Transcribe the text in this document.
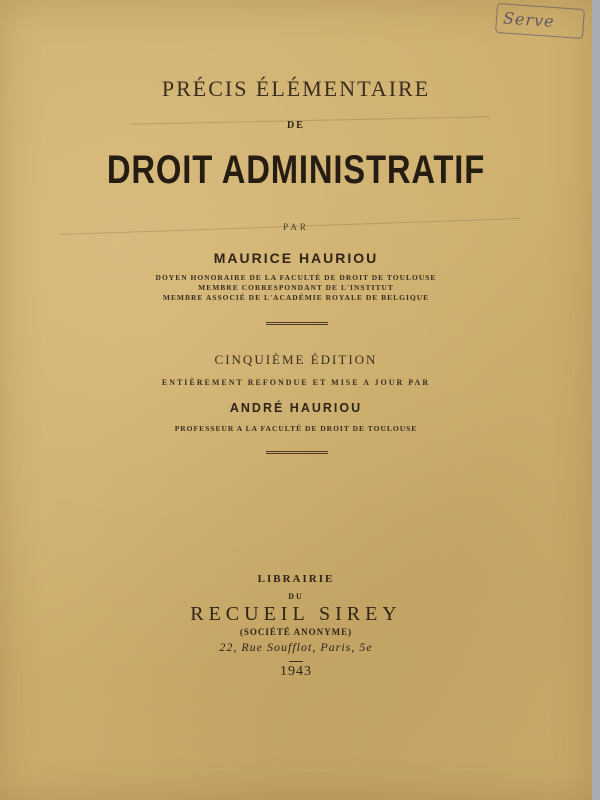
Serve
PRÉCIS ÉLÉMENTAIRE
DE
DROIT ADMINISTRATIF
PAR
MAURICE HAURIOU
DOYEN HONORAIRE DE LA FACULTÉ DE DROIT DE TOULOUSE
MEMBRE CORRESPONDANT DE L'INSTITUT
MEMBRE ASSOCIÉ DE L'ACADÉMIE ROYALE DE BELGIQUE
CINQUIÈME ÉDITION
ENTIÈREMENT REFONDUE ET MISE A JOUR PAR
ANDRÉ HAURIOU
PROFESSEUR A LA FACULTÉ DE DROIT DE TOULOUSE
LIBRAIRIE
DU
RECUEIL SIREY
(SOCIÉTÉ ANONYME)
22, Rue Soufflot, Paris, 5e
1943
